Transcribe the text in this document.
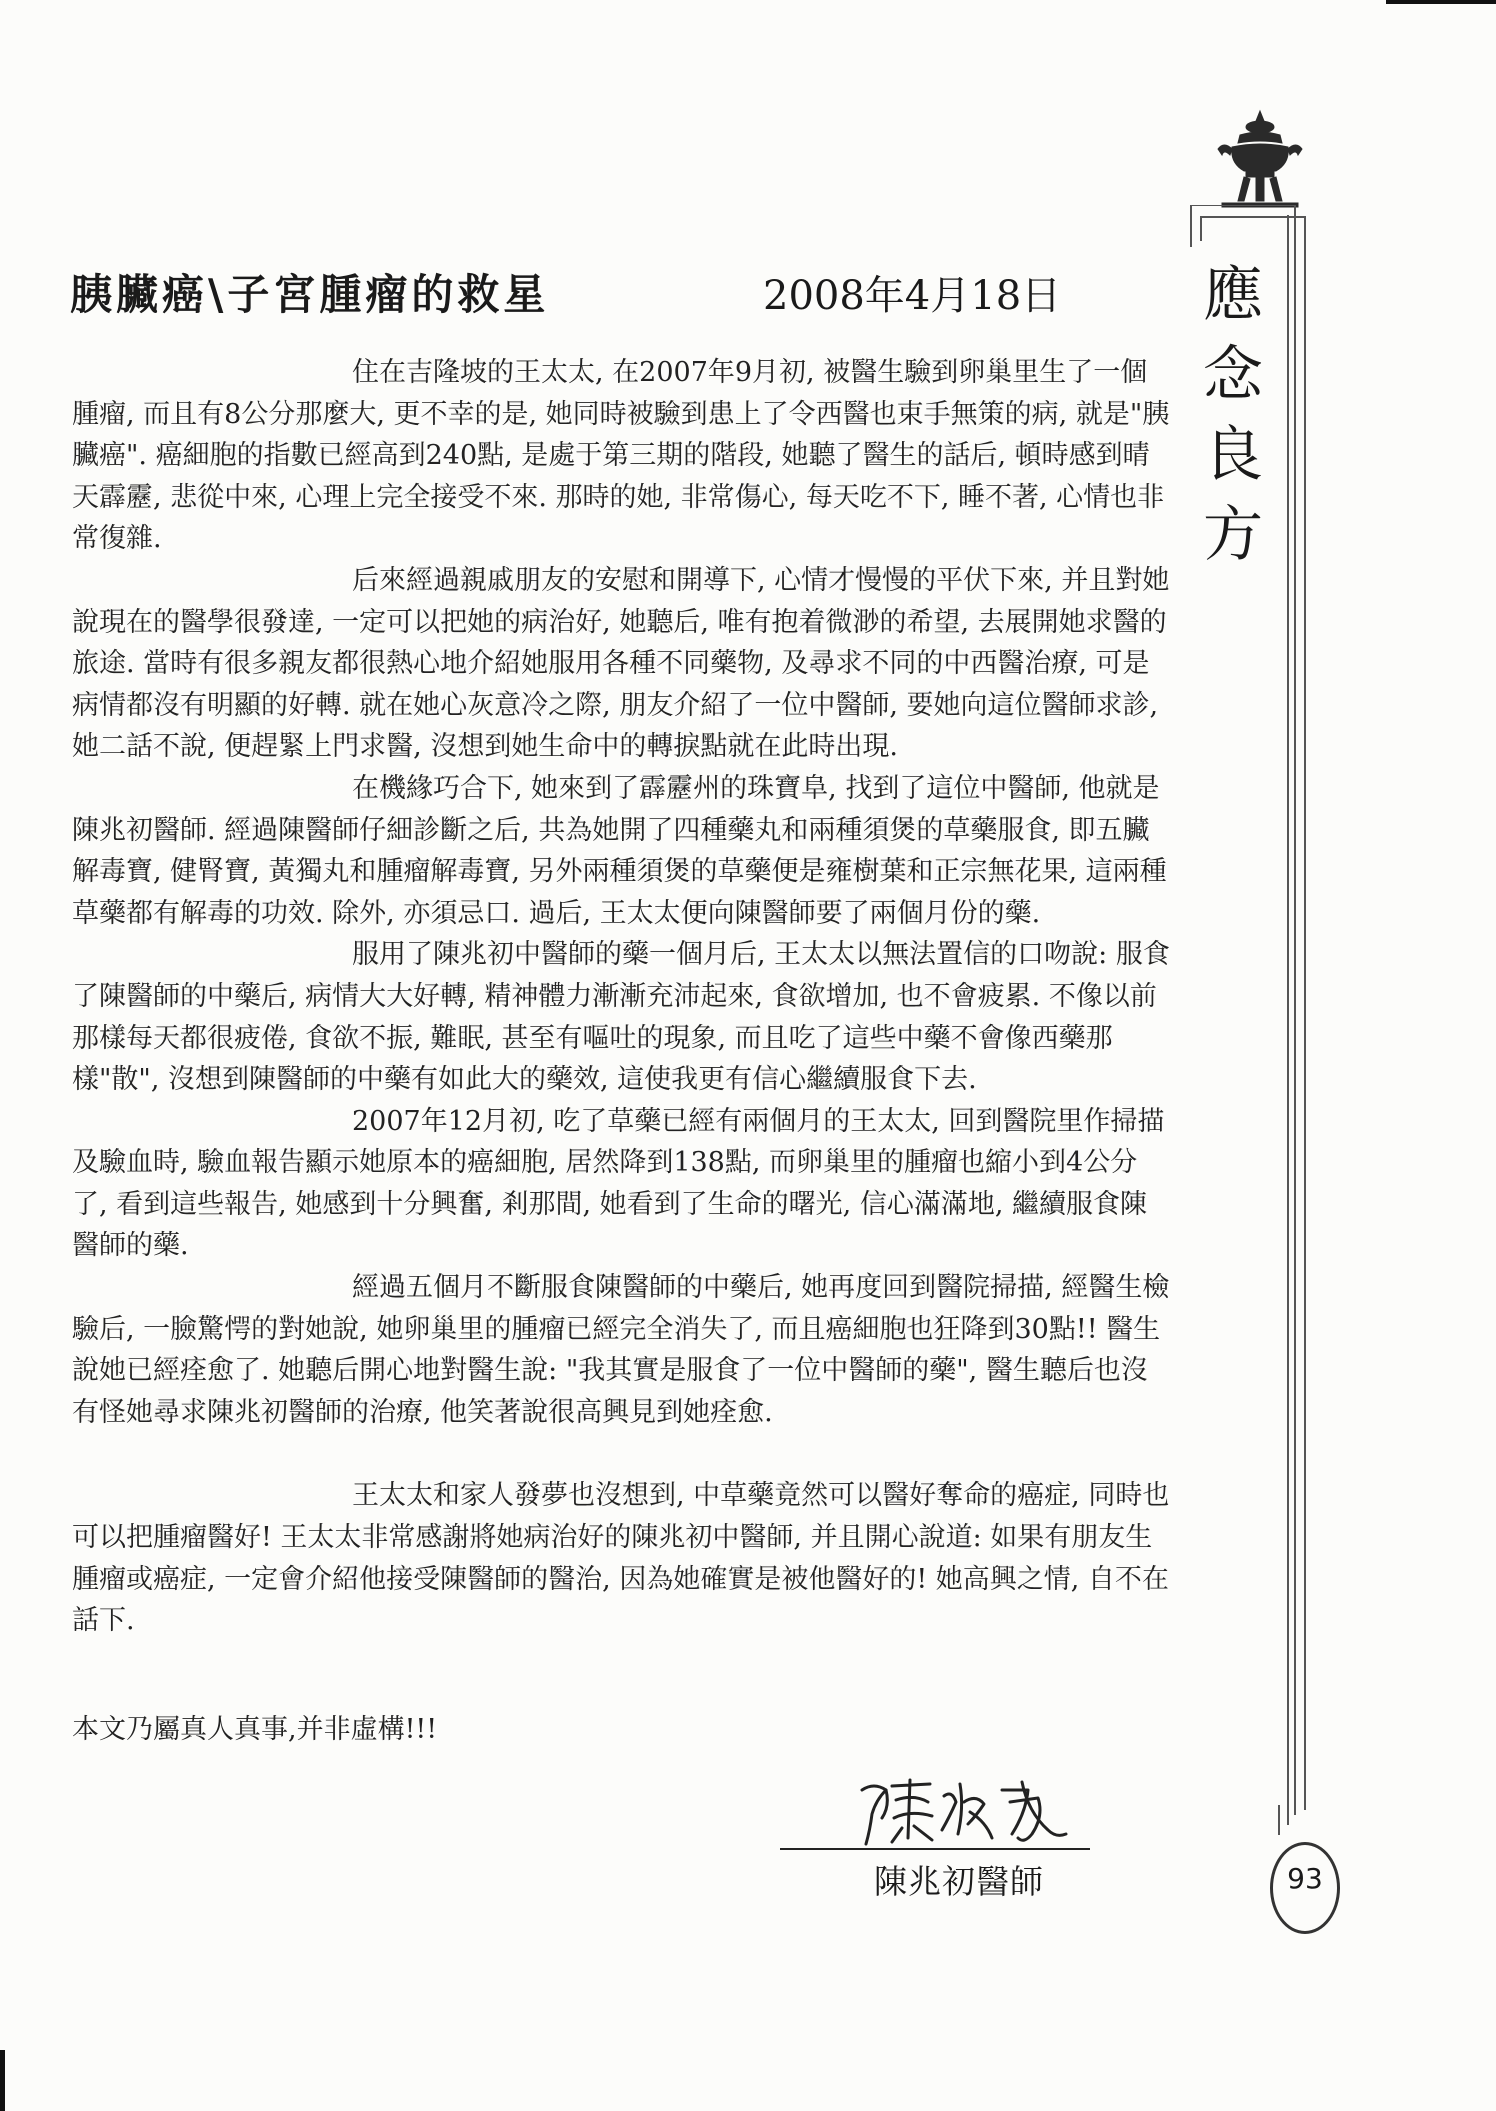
應
念
良
方
93
胰臟癌\子宮腫瘤的救星	2008年4月18日

住在吉隆坡的王太太, 在2007年9月初, 被醫生驗到卵巢里生了一個腫瘤, 而且有8公分那麼大, 更不幸的是, 她同時被驗到患上了令西醫也束手無策的病, 就是"胰臟癌". 癌細胞的指數已經高到240點, 是處于第三期的階段, 她聽了醫生的話后, 頓時感到晴天霹靂, 悲從中來, 心理上完全接受不來. 那時的她, 非常傷心, 每天吃不下, 睡不著, 心情也非常復雜.

后來經過親戚朋友的安慰和開導下, 心情才慢慢的平伏下來, 并且對她說現在的醫學很發達, 一定可以把她的病治好, 她聽后, 唯有抱着微渺的希望, 去展開她求醫的旅途. 當時有很多親友都很熱心地介紹她服用各種不同藥物, 及尋求不同的中西醫治療, 可是病情都沒有明顯的好轉. 就在她心灰意冷之際, 朋友介紹了一位中醫師, 要她向這位醫師求診, 她二話不說, 便趕緊上門求醫, 沒想到她生命中的轉捩點就在此時出現.

在機緣巧合下, 她來到了霹靂州的珠寶阜, 找到了這位中醫師, 他就是陳兆初醫師. 經過陳醫師仔細診斷之后, 共為她開了四種藥丸和兩種須煲的草藥服食, 即五臟解毒寶, 健腎寶, 黃獨丸和腫瘤解毒寶, 另外兩種須煲的草藥便是雍樹葉和正宗無花果, 這兩種草藥都有解毒的功效. 除外, 亦須忌口. 過后, 王太太便向陳醫師要了兩個月份的藥.

服用了陳兆初中醫師的藥一個月后, 王太太以無法置信的口吻說: 服食了陳醫師的中藥后, 病情大大好轉, 精神體力漸漸充沛起來, 食欲增加, 也不會疲累. 不像以前那樣每天都很疲倦, 食欲不振, 難眠, 甚至有嘔吐的現象, 而且吃了這些中藥不會像西藥那樣"散", 沒想到陳醫師的中藥有如此大的藥效, 這使我更有信心繼續服食下去.

2007年12月初, 吃了草藥已經有兩個月的王太太, 回到醫院里作掃描及驗血時, 驗血報告顯示她原本的癌細胞, 居然降到138點, 而卵巢里的腫瘤也縮小到4公分了, 看到這些報告, 她感到十分興奮, 剎那間, 她看到了生命的曙光, 信心滿滿地, 繼續服食陳醫師的藥.

經過五個月不斷服食陳醫師的中藥后, 她再度回到醫院掃描, 經醫生檢驗后, 一臉驚愕的對她說, 她卵巢里的腫瘤已經完全消失了, 而且癌細胞也狂降到30點!! 醫生說她已經痊愈了. 她聽后開心地對醫生說: "我其實是服食了一位中醫師的藥", 醫生聽后也沒有怪她尋求陳兆初醫師的治療, 他笑著說很高興見到她痊愈.

王太太和家人發夢也沒想到, 中草藥竟然可以醫好奪命的癌症, 同時也可以把腫瘤醫好! 王太太非常感謝將她病治好的陳兆初中醫師, 并且開心說道: 如果有朋友生腫瘤或癌症, 一定會介紹他接受陳醫師的醫治, 因為她確實是被他醫好的! 她高興之情, 自不在話下.

本文乃屬真人真事,并非虛構!!!
陳兆初醫師
